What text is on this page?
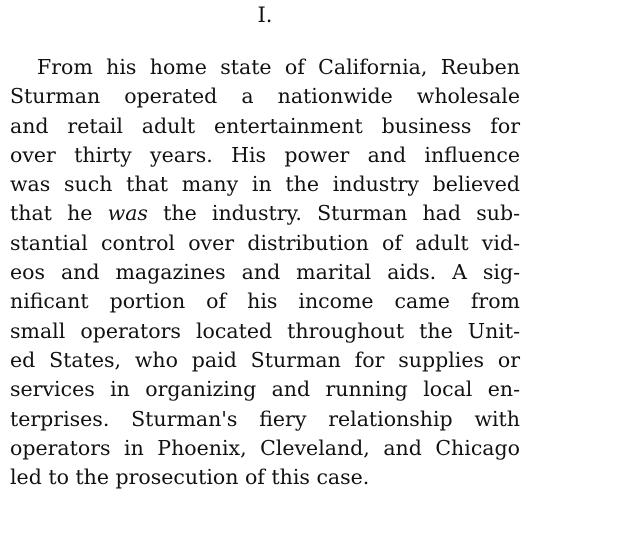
I.

From his home state of California, Reuben
Sturman operated a nationwide wholesale
and retail adult entertainment business for
over thirty years. His power and influence
was such that many in the industry believed
that he was the industry. Sturman had sub-
stantial control over distribution of adult vid-
eos and magazines and marital aids. A sig-
nificant portion of his income came from
small operators located throughout the Unit-
ed States, who paid Sturman for supplies or
services in organizing and running local en-
terprises. Sturman's fiery relationship with
operators in Phoenix, Cleveland, and Chicago
led to the prosecution of this case.
